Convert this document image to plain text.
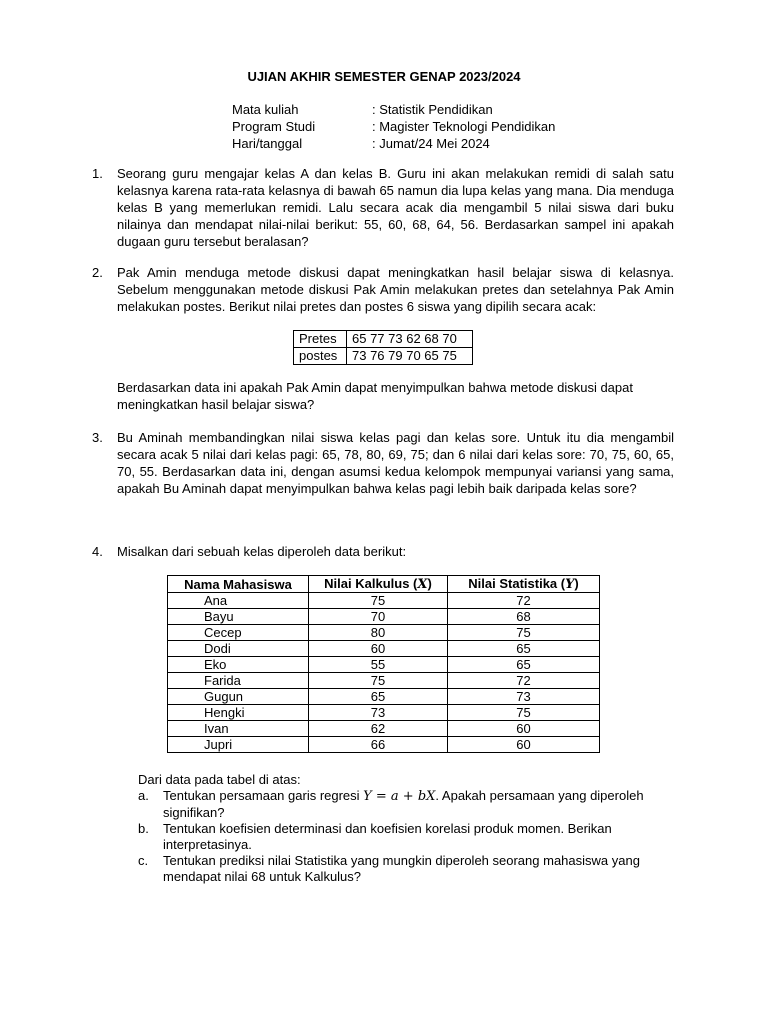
UJIAN AKHIR SEMESTER GENAP 2023/2024
Mata kuliah	: Statistik Pendidikan
Program Studi	: Magister Teknologi Pendidikan
Hari/tanggal	: Jumat/24 Mei 2024
1. Seorang guru mengajar kelas A dan kelas B. Guru ini akan melakukan remidi di salah satu kelasnya karena rata-rata kelasnya di bawah 65 namun dia lupa kelas yang mana. Dia menduga kelas B yang memerlukan remidi. Lalu secara acak dia mengambil 5 nilai siswa dari buku nilainya dan mendapat nilai-nilai berikut: 55, 60, 68, 64, 56. Berdasarkan sampel ini apakah dugaan guru tersebut beralasan?
2. Pak Amin menduga metode diskusi dapat meningkatkan hasil belajar siswa di kelasnya. Sebelum menggunakan metode diskusi Pak Amin melakukan pretes dan setelahnya Pak Amin melakukan postes. Berikut nilai pretes dan postes 6 siswa yang dipilih secara acak:
Pretes	65 77 73 62 68 70
postes	73 76 79 70 65 75
Berdasarkan data ini apakah Pak Amin dapat menyimpulkan bahwa metode diskusi dapat meningkatkan hasil belajar siswa?
3. Bu Aminah membandingkan nilai siswa kelas pagi dan kelas sore. Untuk itu dia mengambil secara acak 5 nilai dari kelas pagi: 65, 78, 80, 69, 75; dan 6 nilai dari kelas sore: 70, 75, 60, 65, 70, 55. Berdasarkan data ini, dengan asumsi kedua kelompok mempunyai variansi yang sama, apakah Bu Aminah dapat menyimpulkan bahwa kelas pagi lebih baik daripada kelas sore?
4. Misalkan dari sebuah kelas diperoleh data berikut:
Nama Mahasiswa	Nilai Kalkulus (X)	Nilai Statistika (Y)
Ana	75	72
Bayu	70	68
Cecep	80	75
Dodi	60	65
Eko	55	65
Farida	75	72
Gugun	65	73
Hengki	73	75
Ivan	62	60
Jupri	66	60
Dari data pada tabel di atas:
a. Tentukan persamaan garis regresi Y = a + bX. Apakah persamaan yang diperoleh signifikan?
b. Tentukan koefisien determinasi dan koefisien korelasi produk momen. Berikan interpretasinya.
c. Tentukan prediksi nilai Statistika yang mungkin diperoleh seorang mahasiswa yang mendapat nilai 68 untuk Kalkulus?
